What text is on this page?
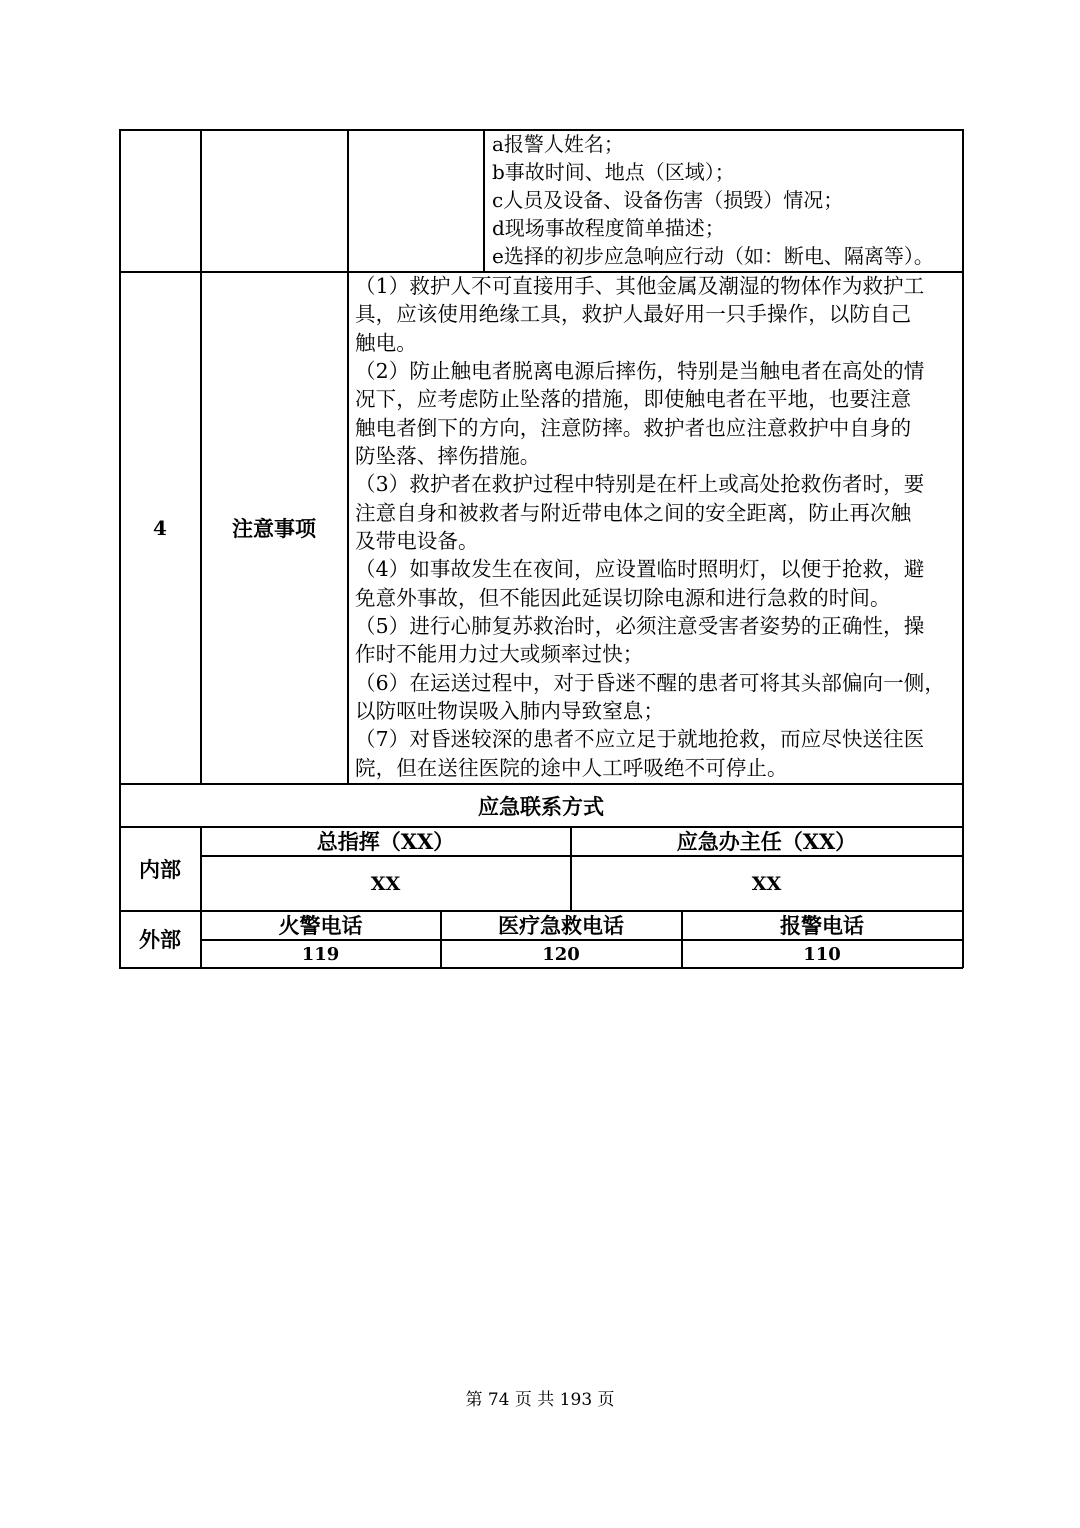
a报警人姓名；
b事故时间、地点（区域）；
c人员及设备、设备伤害（损毁）情况；
d现场事故程度简单描述；
e选择的初步应急响应行动（如：断电、隔离等）。
4	注意事项
（1）救护人不可直接用手、其他金属及潮湿的物体作为救护工
具，应该使用绝缘工具，救护人最好用一只手操作，以防自己
触电。
（2）防止触电者脱离电源后摔伤，特别是当触电者在高处的情
况下，应考虑防止坠落的措施，即使触电者在平地，也要注意
触电者倒下的方向，注意防摔。救护者也应注意救护中自身的
防坠落、摔伤措施。
（3）救护者在救护过程中特别是在杆上或高处抢救伤者时，要
注意自身和被救者与附近带电体之间的安全距离，防止再次触
及带电设备。
（4）如事故发生在夜间，应设置临时照明灯，以便于抢救，避
免意外事故，但不能因此延误切除电源和进行急救的时间。
（5）进行心肺复苏救治时，必须注意受害者姿势的正确性，操
作时不能用力过大或频率过快；
（6）在运送过程中，对于昏迷不醒的患者可将其头部偏向一侧，
以防呕吐物误吸入肺内导致窒息；
（7）对昏迷较深的患者不应立足于就地抢救，而应尽快送往医
院，但在送往医院的途中人工呼吸绝不可停止。
应急联系方式
内部
总指挥（XX）	应急办主任（XX）
XX	XX
外部
火警电话	医疗急救电话	报警电话
119	120	110
第 74 页 共 193 页
